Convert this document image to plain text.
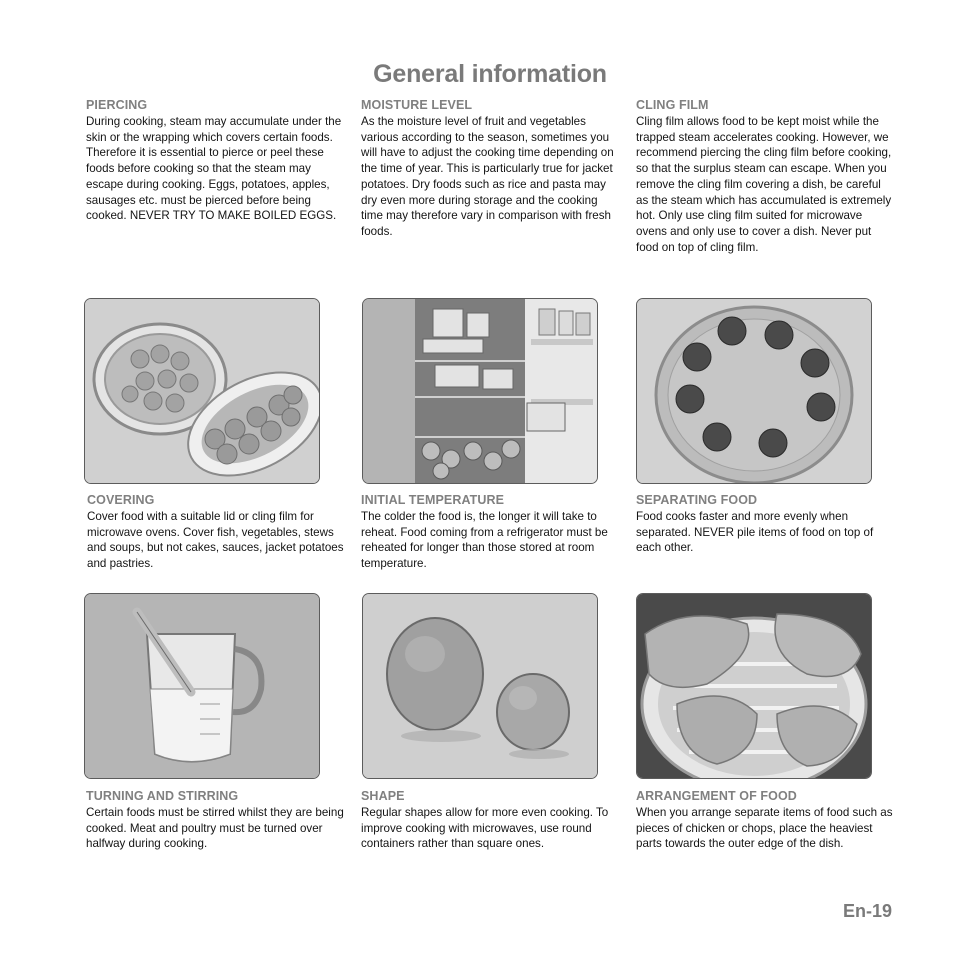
General information
PIERCING

During cooking, steam may accumulate under the skin or the wrapping which covers certain foods. Therefore it is essential to pierce or peel these foods before cooking so that the steam may escape during cooking. Eggs, potatoes, apples, sausages etc. must be pierced before being cooked. NEVER TRY TO MAKE BOILED EGGS.

MOISTURE LEVEL

As the moisture level of fruit and vegetables various according to the season, sometimes you will have to adjust the cooking time depending on the time of year. This is particularly true for jacket potatoes. Dry foods such as rice and pasta may dry even more during storage and the cooking time may therefore vary in comparison with fresh foods.

CLING FILM

Cling film allows food to be kept moist while the trapped steam accelerates cooking. However, we recommend piercing the cling film before cooking, so that the surplus steam can escape. When you remove the cling film covering a dish, be careful as the steam which has accumulated is extremely hot. Only use cling film suited for microwave ovens and only use to cover a dish. Never put food on top of cling film.

COVERING

Cover food with a suitable lid or cling film for microwave ovens. Cover fish, vegetables, stews and soups, but not cakes, sauces, jacket potatoes and pastries.

INITIAL TEMPERATURE

The colder the food is, the longer it will take to reheat. Food coming from a refrigerator must be reheated for longer than those stored at room temperature.

SEPARATING FOOD

Food cooks faster and more evenly when separated. NEVER pile items of food on top of each other.

TURNING AND STIRRING

Certain foods must be stirred whilst they are being cooked. Meat and poultry must be turned over halfway during cooking.

SHAPE

Regular shapes allow for more even cooking. To improve cooking with microwaves, use round containers rather than square ones.

ARRANGEMENT OF FOOD

When you arrange separate items of food such as pieces of chicken or chops, place the heaviest parts towards the outer edge of the dish.

En-19
